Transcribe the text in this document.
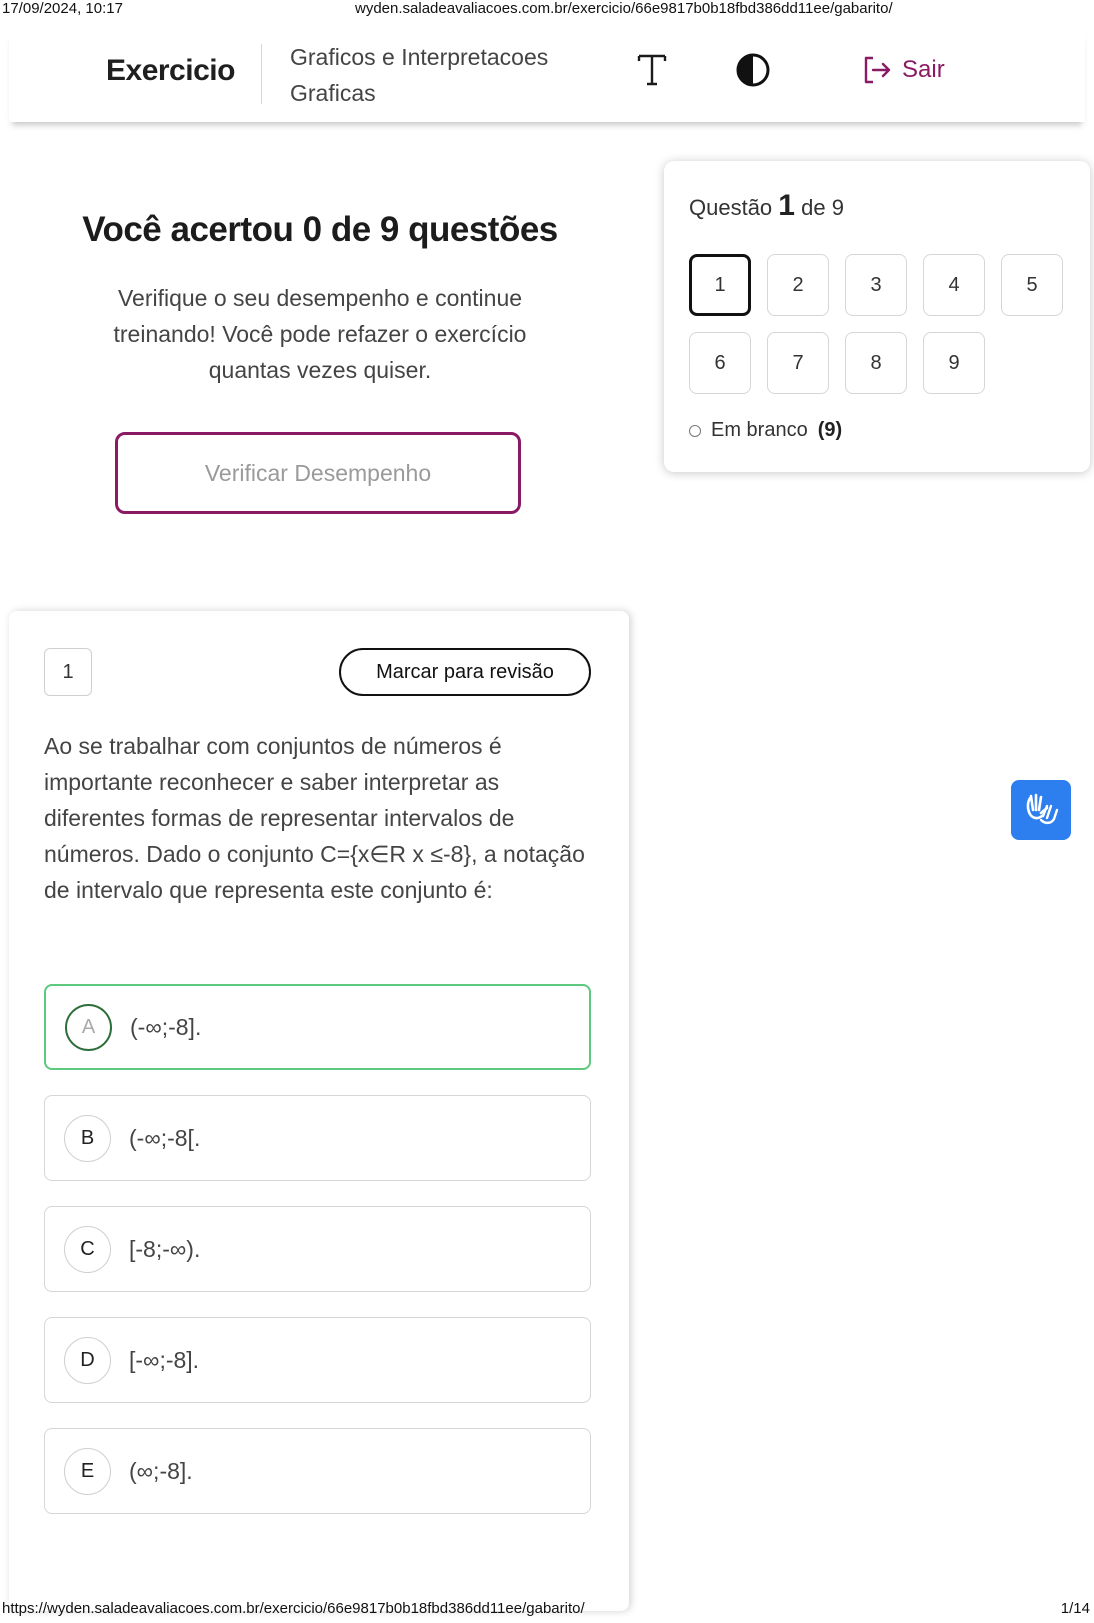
17/09/2024, 10:17	wyden.saladeavaliacoes.com.br/exercicio/66e9817b0b18fbd386dd11ee/gabarito/
Exercicio Graficos e Interpretacoes
Graficas
Sair
Você acertou 0 de 9 questões
Verifique o seu desempenho e continue treinando! Você pode refazer o exercício quantas vezes quiser.
Verificar Desempenho
Questão 1 de 9
1	2	3	4	5
6	7	8	9
Em branco (9)
1	Marcar para revisão
Ao se trabalhar com conjuntos de números é importante reconhecer e saber interpretar as diferentes formas de representar intervalos de números. Dado o conjunto C={x∈R x ≤-8}, a notação de intervalo que representa este conjunto é:
A	(-∞;-8].
B	(-∞;-8[.
C	[-8;-∞).
D	[-∞;-8].
E	(∞;-8].
https://wyden.saladeavaliacoes.com.br/exercicio/66e9817b0b18fbd386dd11ee/gabarito/	1/14
